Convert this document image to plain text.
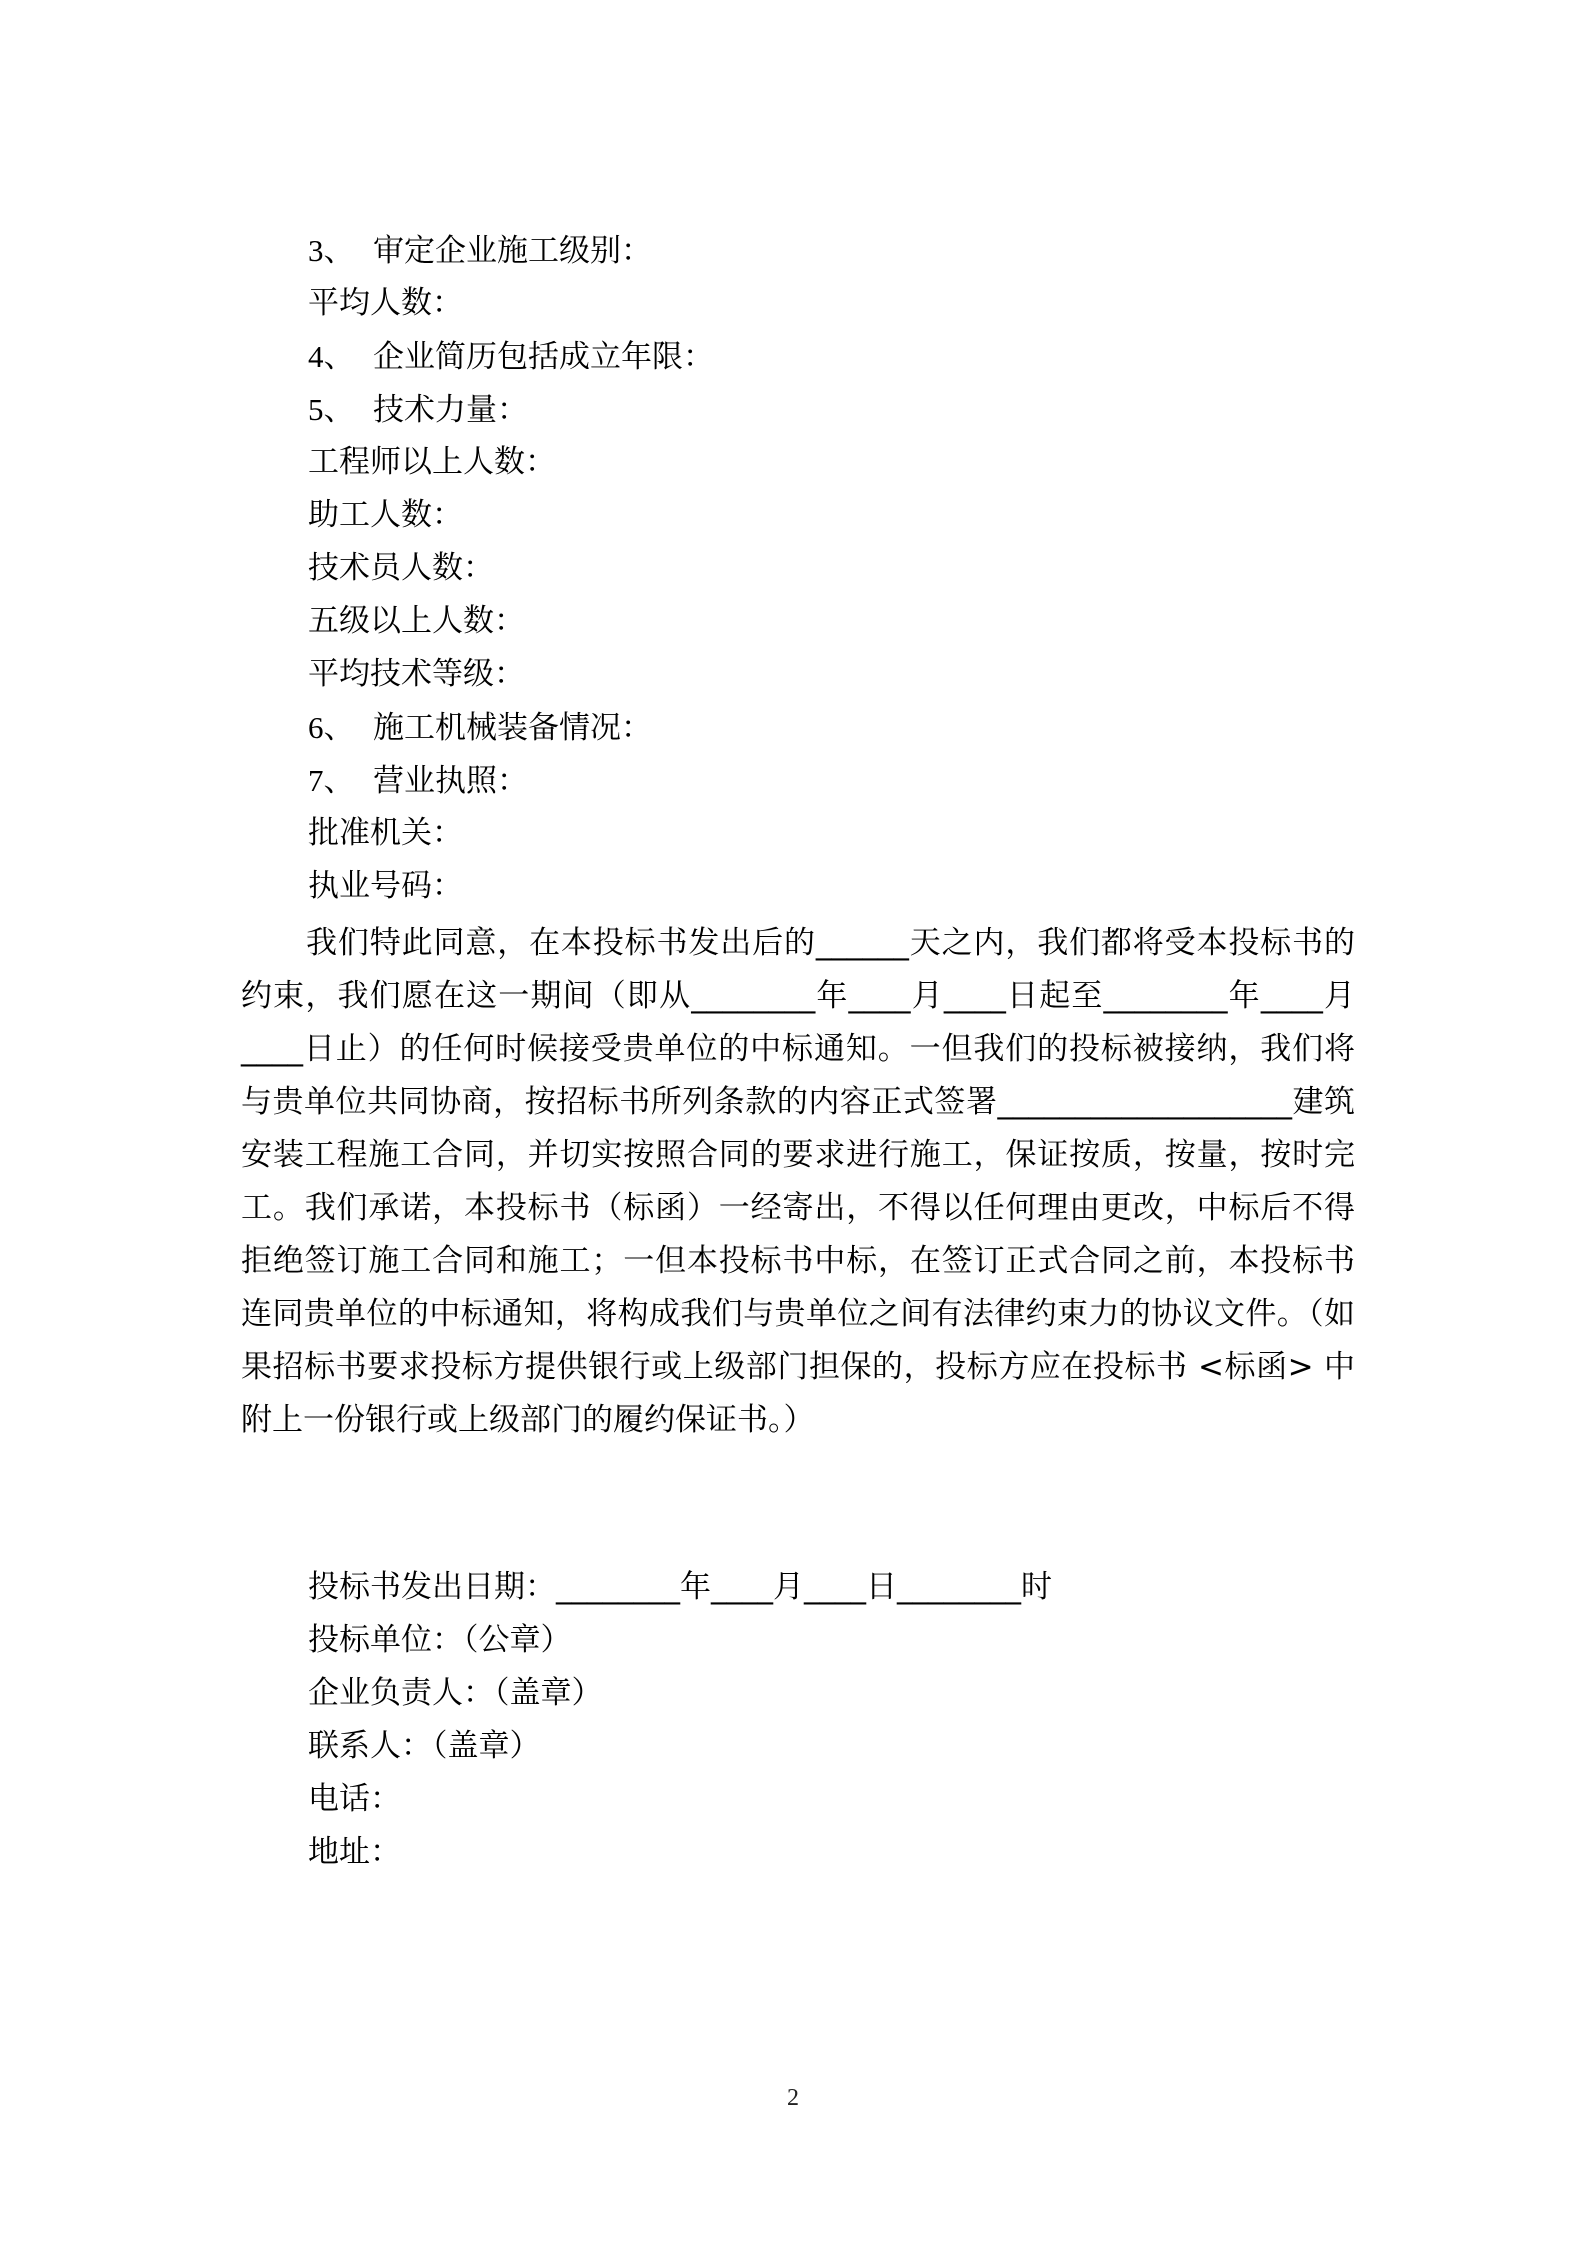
3、 审定企业施工级别：
平均人数：
4、 企业简历包括成立年限：
5、 技术力量：
工程师以上人数：
助工人数：
技术员人数：
五级以上人数：
平均技术等级：
6、 施工机械装备情况：
7、 营业执照：
批准机关：
执业号码：
我们特此同意，在本投标书发出后的______天之内，我们都将受本投标书的约束，我们愿在这一期间（即从________年____月____日起至________年____月____日止）的任何时候接受贵单位的中标通知。一但我们的投标被接纳，我们将与贵单位共同协商，按招标书所列条款的内容正式签署___________________建筑安装工程施工合同，并切实按照合同的要求进行施工，保证按质，按量，按时完工。我们承诺，本投标书（标函）一经寄出，不得以任何理由更改，中标后不得拒绝签订施工合同和施工；一但本投标书中标，在签订正式合同之前，本投标书连同贵单位的中标通知，将构成我们与贵单位之间有法律约束力的协议文件。（如果招标书要求投标方提供银行或上级部门担保的，投标方应在投标书 <标函> 中附上一份银行或上级部门的履约保证书。）
投标书发出日期：________年____月____日________时
投标单位：（公章）
企业负责人：（盖章）
联系人：（盖章）
电话：
地址：
2
